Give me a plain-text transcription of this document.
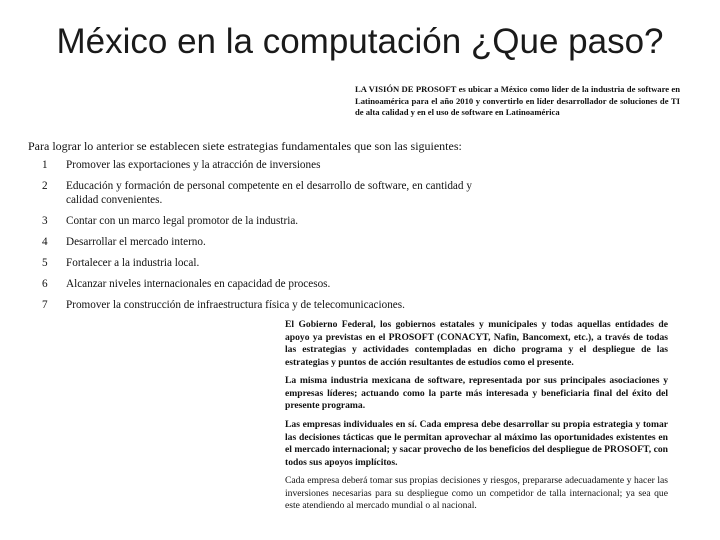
México en la computación ¿Que paso?
LA VISIÓN DE PROSOFT es ubicar a México como líder de la industria de software en Latinoamérica para el año 2010 y convertirlo en líder desarrollador de soluciones de TI de alta calidad y en el uso de software en Latinoamérica
Para lograr lo anterior se establecen siete estrategias fundamentales que son las siguientes:
1	Promover las exportaciones y la atracción de inversiones
2	Educación y formación de personal competente en el desarrollo de software, en cantidad y calidad convenientes.
3	Contar con un marco legal promotor de la industria.
4	Desarrollar el mercado interno.
5	Fortalecer a la industria local.
6	Alcanzar niveles internacionales en capacidad de procesos.
7	Promover la construcción de infraestructura física y de telecomunicaciones.
El Gobierno Federal, los gobiernos estatales y municipales y todas aquellas entidades de apoyo ya previstas en el PROSOFT (CONACYT, Nafin, Bancomext, etc.), a través de todas las estrategias y actividades contempladas en dicho programa y el despliegue de las estrategias y puntos de acción resultantes de estudios como el presente.
La misma industria mexicana de software, representada por sus principales asociaciones y empresas líderes; actuando como la parte más interesada y beneficiaria final del éxito del presente programa.
Las empresas individuales en sí. Cada empresa debe desarrollar su propia estrategia y tomar las decisiones tácticas que le permitan aprovechar al máximo las oportunidades existentes en el mercado internacional; y sacar provecho de los beneficios del despliegue de PROSOFT, con todos sus apoyos implícitos.
Cada empresa deberá tomar sus propias decisiones y riesgos, prepararse adecuadamente y hacer las inversiones necesarias para su despliegue como un competidor de talla internacional; ya sea que este atendiendo al mercado mundial o al nacional.
